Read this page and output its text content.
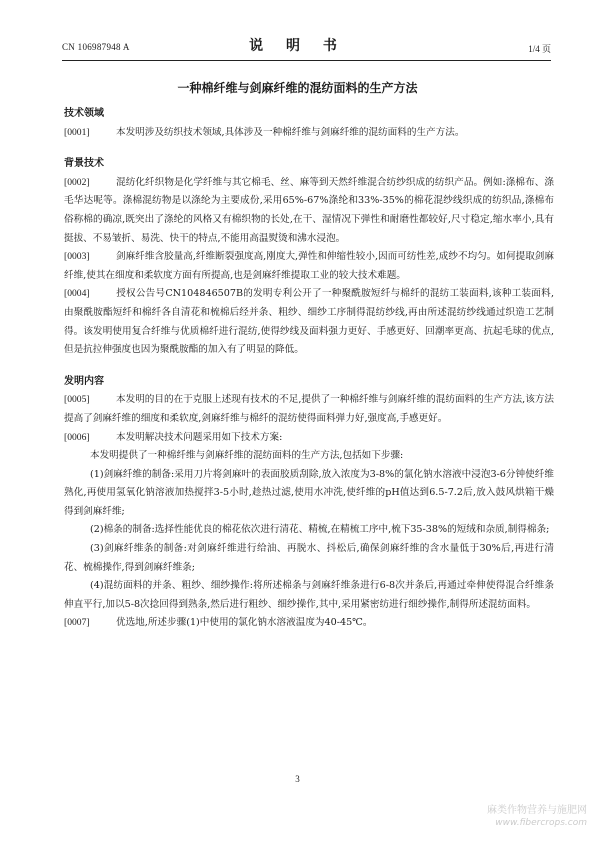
CN 106987948 A	说 明 书	1/4 页
一种棉纤维与剑麻纤维的混纺面料的生产方法
技术领域

[0001]	本发明涉及纺织技术领域,具体涉及一种棉纤维与剑麻纤维的混纺面料的生产方法。

背景技术

[0002]	混纺化纤织物是化学纤维与其它棉毛、丝、麻等到天然纤维混合纺纱织成的纺织产品。例如:涤棉布、涤毛华达呢等。涤棉混纺物是以涤纶为主要成份,采用65%-67%涤纶和33%-35%的棉花混纱线织成的纺织品,涤棉布俗称棉的确凉,既突出了涤纶的风格又有棉织物的长处,在干、湿情况下弹性和耐磨性都较好,尺寸稳定,缩水率小,具有挺拔、不易皱折、易洗、快干的特点,不能用高温熨烫和沸水浸泡。

[0003]	剑麻纤维含胶量高,纤维断裂强度高,刚度大,弹性和伸缩性较小,因而可纺性差,成纱不均匀。如何提取剑麻纤维,使其在细度和柔软度方面有所提高,也是剑麻纤维提取工业的较大技术难题。

[0004]	授权公告号CN104846507B的发明专利公开了一种聚酰胺短纤与棉纤的混纺工装面料,该种工装面料,由聚酰胺酯短纤和棉纤各自清花和梳棉后经并条、粗纱、细纱工序制得混纺纱线,再由所述混纺纱线通过织造工艺制得。该发明使用复合纤维与优质棉纤进行混纺,使得纱线及面料强力更好、手感更好、回潮率更高、抗起毛球的优点,但是抗拉伸强度也因为聚酰胺酯的加入有了明显的降低。

发明内容

[0005]	本发明的目的在于克服上述现有技术的不足,提供了一种棉纤维与剑麻纤维的混纺面料的生产方法,该方法提高了剑麻纤维的细度和柔软度,剑麻纤维与棉纤的混纺使得面料弹力好,强度高,手感更好。

[0006]	本发明解决技术问题采用如下技术方案:

本发明提供了一种棉纤维与剑麻纤维的混纺面料的生产方法,包括如下步骤:

(1)剑麻纤维的制备:采用刀片将剑麻叶的表面胶质刮除,放入浓度为3-8%的氯化钠水溶液中浸泡3-6分钟使纤维熟化,再使用氢氧化钠溶液加热搅拌3-5小时,趁热过滤,使用水冲洗,使纤维的pH值达到6.5-7.2后,放入鼓风烘箱干燥得到剑麻纤维;

(2)棉条的制备:选择性能优良的棉花依次进行清花、精梳,在精梳工序中,梳下35-38%的短绒和杂质,制得棉条;

(3)剑麻纤维条的制备:对剑麻纤维进行给油、再脱水、抖松后,确保剑麻纤维的含水量低于30%后,再进行清花、梳棉操作,得到剑麻纤维条;

(4)混纺面料的并条、粗纱、细纱操作:将所述棉条与剑麻纤维条进行6-8次并条后,再通过牵伸使得混合纤维条伸直平行,加以5-8次捻回得到熟条,然后进行粗纱、细纱操作,其中,采用紧密纺进行细纱操作,制得所述混纺面料。

[0007]	优选地,所述步骤(1)中使用的氯化钠水溶液温度为40-45℃。

3
麻类作物营养与施肥网
www.fibercrops.com
